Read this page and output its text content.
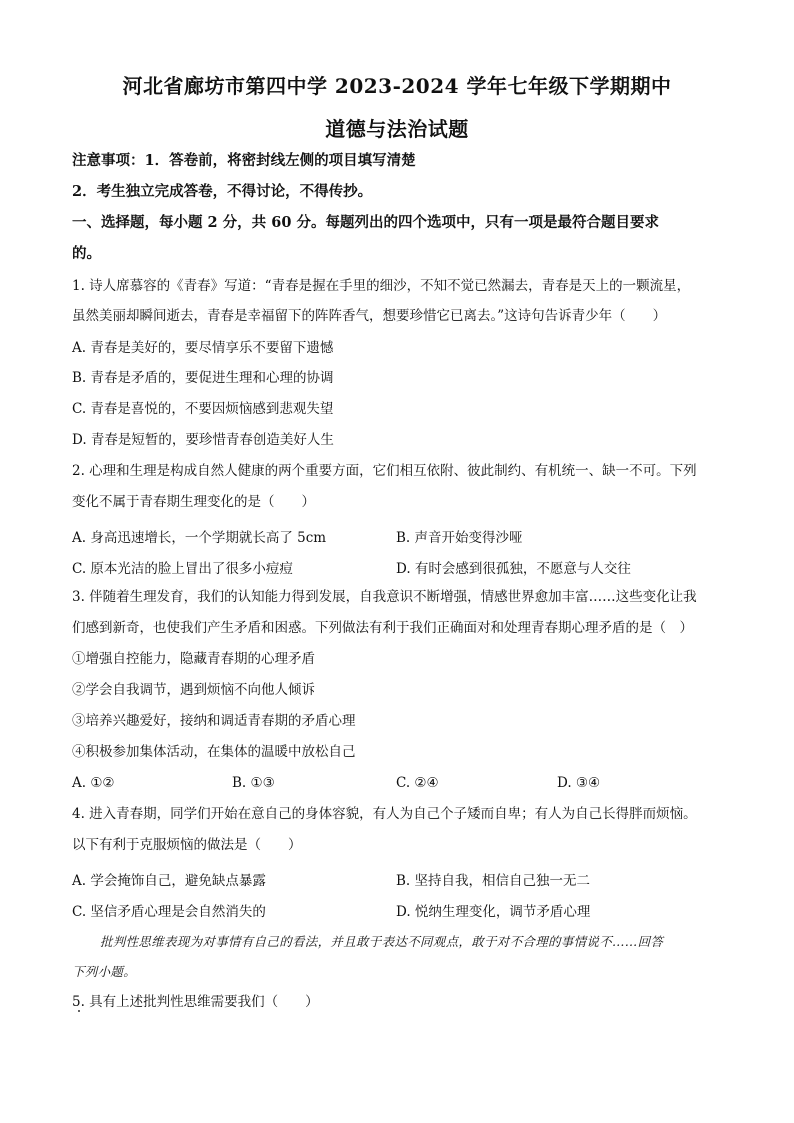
河北省廊坊市第四中学 2023-2024 学年七年级下学期期中
道德与法治试题
注意事项：1．答卷前，将密封线左侧的项目填写清楚
2．考生独立完成答卷，不得讨论，不得传抄。
一、选择题，每小题 2 分，共 60 分。每题列出的四个选项中，只有一项是最符合题目要求
的。
1. 诗人席慕容的《青春》写道：“青春是握在手里的细沙，不知不觉已然漏去，青春是天上的一颗流星，
虽然美丽却瞬间逝去，青春是幸福留下的阵阵香气，想要珍惜它已离去。”这诗句告诉青少年（　　）
A. 青春是美好的，要尽情享乐不要留下遗憾
B. 青春是矛盾的，要促进生理和心理的协调
C. 青春是喜悦的，不要因烦恼感到悲观失望
D. 青春是短暂的，要珍惜青春创造美好人生
2. 心理和生理是构成自然人健康的两个重要方面，它们相互依附、彼此制约、有机统一、缺一不可。下列
变化不属于青春期生理变化的是（　　）
A. 身高迅速增长，一个学期就长高了 5cm	B. 声音开始变得沙哑
C. 原本光洁的脸上冒出了很多小痘痘	D. 有时会感到很孤独，不愿意与人交往
3. 伴随着生理发育，我们的认知能力得到发展，自我意识不断增强，情感世界愈加丰富……这些变化让我
们感到新奇，也使我们产生矛盾和困惑。下列做法有利于我们正确面对和处理青春期心理矛盾的是（　）
①增强自控能力，隐藏青春期的心理矛盾
②学会自我调节，遇到烦恼不向他人倾诉
③培养兴趣爱好，接纳和调适青春期的矛盾心理
④积极参加集体活动，在集体的温暖中放松自己
A. ①②	B. ①③	C. ②④	D. ③④
4. 进入青春期，同学们开始在意自己的身体容貌，有人为自己个子矮而自卑；有人为自己长得胖而烦恼。
以下有利于克服烦恼的做法是（　　）
A. 学会掩饰自己，避免缺点暴露	B. 坚持自我，相信自己独一无二
C. 坚信矛盾心理是会自然消失的	D. 悦纳生理变化，调节矛盾心理
批判性思维表现为对事情有自己的看法，并且敢于表达不同观点，敢于对不合理的事情说不……回答
下列小题。
5. 具有上述批判性思维需要我们（　　）
